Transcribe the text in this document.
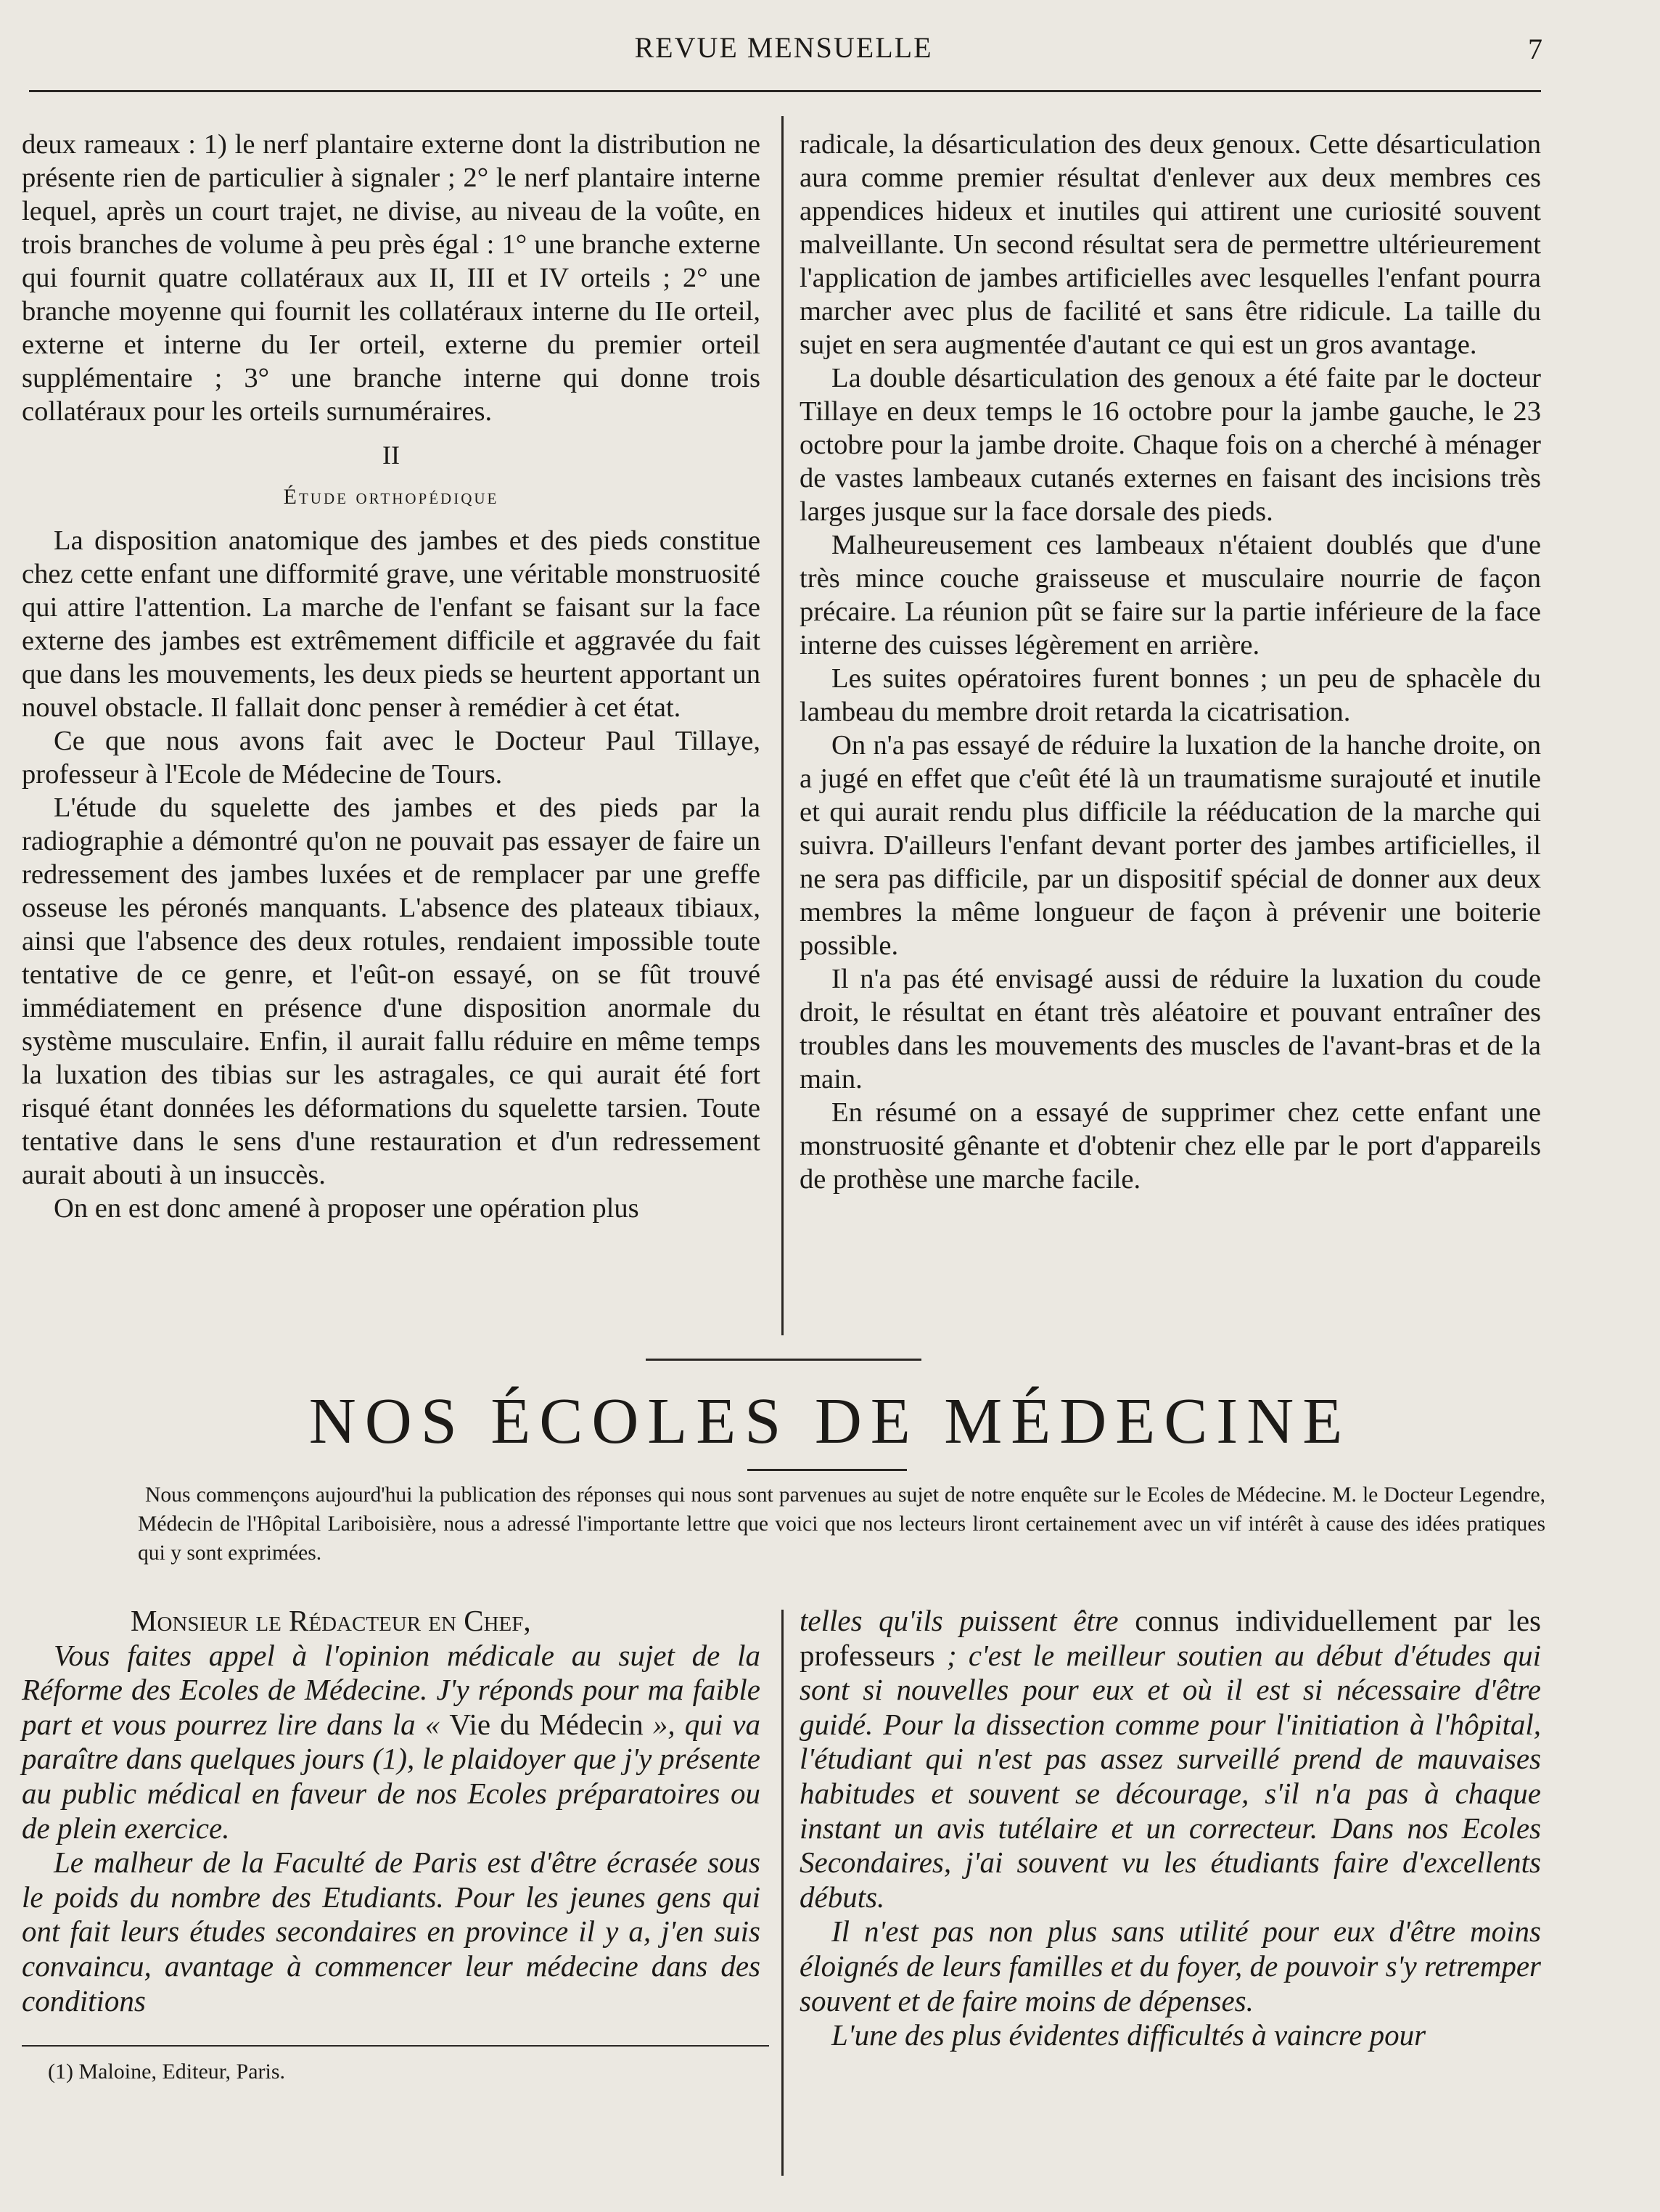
REVUE MENSUELLE	7

deux rameaux : 1) le nerf plantaire externe dont la distribution ne présente rien de particulier à signaler ; 2° le nerf plantaire interne lequel, après un court trajet, ne divise, au niveau de la voûte, en trois branches de volume à peu près égal : 1° une branche externe qui fournit quatre collatéraux aux II, III et IV orteils ; 2° une branche moyenne qui fournit les collatéraux interne du IIe orteil, externe et interne du Ier orteil, externe du premier orteil supplémentaire ; 3° une branche interne qui donne trois collatéraux pour les orteils surnuméraires.

II

Étude orthopédique

La disposition anatomique des jambes et des pieds constitue chez cette enfant une difformité grave, une véritable monstruosité qui attire l'attention. La marche de l'enfant se faisant sur la face externe des jambes est extrêmement difficile et aggravée du fait que dans les mouvements, les deux pieds se heurtent apportant un nouvel obstacle. Il fallait donc penser à remédier à cet état.

Ce que nous avons fait avec le Docteur Paul Tillaye, professeur à l'Ecole de Médecine de Tours.

L'étude du squelette des jambes et des pieds par la radiographie a démontré qu'on ne pouvait pas essayer de faire un redressement des jambes luxées et de remplacer par une greffe osseuse les péronés manquants. L'absence des plateaux tibiaux, ainsi que l'absence des deux rotules, rendaient impossible toute tentative de ce genre, et l'eût-on essayé, on se fût trouvé immédiatement en présence d'une disposition anormale du système musculaire. Enfin, il aurait fallu réduire en même temps la luxation des tibias sur les astragales, ce qui aurait été fort risqué étant données les déformations du squelette tarsien. Toute tentative dans le sens d'une restauration et d'un redressement aurait abouti à un insuccès.

On en est donc amené à proposer une opération plus

radicale, la désarticulation des deux genoux. Cette désarticulation aura comme premier résultat d'enlever aux deux membres ces appendices hideux et inutiles qui attirent une curiosité souvent malveillante. Un second résultat sera de permettre ultérieurement l'application de jambes artificielles avec lesquelles l'enfant pourra marcher avec plus de facilité et sans être ridicule. La taille du sujet en sera augmentée d'autant ce qui est un gros avantage.

La double désarticulation des genoux a été faite par le docteur Tillaye en deux temps le 16 octobre pour la jambe gauche, le 23 octobre pour la jambe droite. Chaque fois on a cherché à ménager de vastes lambeaux cutanés externes en faisant des incisions très larges jusque sur la face dorsale des pieds.

Malheureusement ces lambeaux n'étaient doublés que d'une très mince couche graisseuse et musculaire nourrie de façon précaire. La réunion pût se faire sur la partie inférieure de la face interne des cuisses légèrement en arrière.

Les suites opératoires furent bonnes ; un peu de sphacèle du lambeau du membre droit retarda la cicatrisation.

On n'a pas essayé de réduire la luxation de la hanche droite, on a jugé en effet que c'eût été là un traumatisme surajouté et inutile et qui aurait rendu plus difficile la rééducation de la marche qui suivra. D'ailleurs l'enfant devant porter des jambes artificielles, il ne sera pas difficile, par un dispositif spécial de donner aux deux membres la même longueur de façon à prévenir une boiterie possible.

Il n'a pas été envisagé aussi de réduire la luxation du coude droit, le résultat en étant très aléatoire et pouvant entraîner des troubles dans les mouvements des muscles de l'avant-bras et de la main.

En résumé on a essayé de supprimer chez cette enfant une monstruosité gênante et d'obtenir chez elle par le port d'appareils de prothèse une marche facile.

NOS ÉCOLES DE MÉDECINE
Nous commençons aujourd'hui la publication des réponses qui nous sont parvenues au sujet de notre enquête sur le Ecoles de Médecine. M. le Docteur Legendre, Médecin de l'Hôpital Lariboisière, nous a adressé l'importante lettre que voici que nos lecteurs liront certainement avec un vif intérêt à cause des idées pratiques qui y sont exprimées.

Monsieur le Rédacteur en Chef,

Vous faites appel à l'opinion médicale au sujet de la Réforme des Ecoles de Médecine. J'y réponds pour ma faible part et vous pourrez lire dans la « Vie du Médecin », qui va paraître dans quelques jours (1), le plaidoyer que j'y présente au public médical en faveur de nos Ecoles préparatoires ou de plein exercice.

Le malheur de la Faculté de Paris est d'être écrasée sous le poids du nombre des Etudiants. Pour les jeunes gens qui ont fait leurs études secondaires en province il y a, j'en suis convaincu, avantage à commencer leur médecine dans des conditions

telles qu'ils puissent être connus individuellement par les professeurs ; c'est le meilleur soutien au début d'études qui sont si nouvelles pour eux et où il est si nécessaire d'être guidé. Pour la dissection comme pour l'initiation à l'hôpital, l'étudiant qui n'est pas assez surveillé prend de mauvaises habitudes et souvent se décourage, s'il n'a pas à chaque instant un avis tutélaire et un correcteur. Dans nos Ecoles Secondaires, j'ai souvent vu les étudiants faire d'excellents débuts.

Il n'est pas non plus sans utilité pour eux d'être moins éloignés de leurs familles et du foyer, de pouvoir s'y retremper souvent et de faire moins de dépenses.

L'une des plus évidentes difficultés à vaincre pour

(1) Maloine, Editeur, Paris.
